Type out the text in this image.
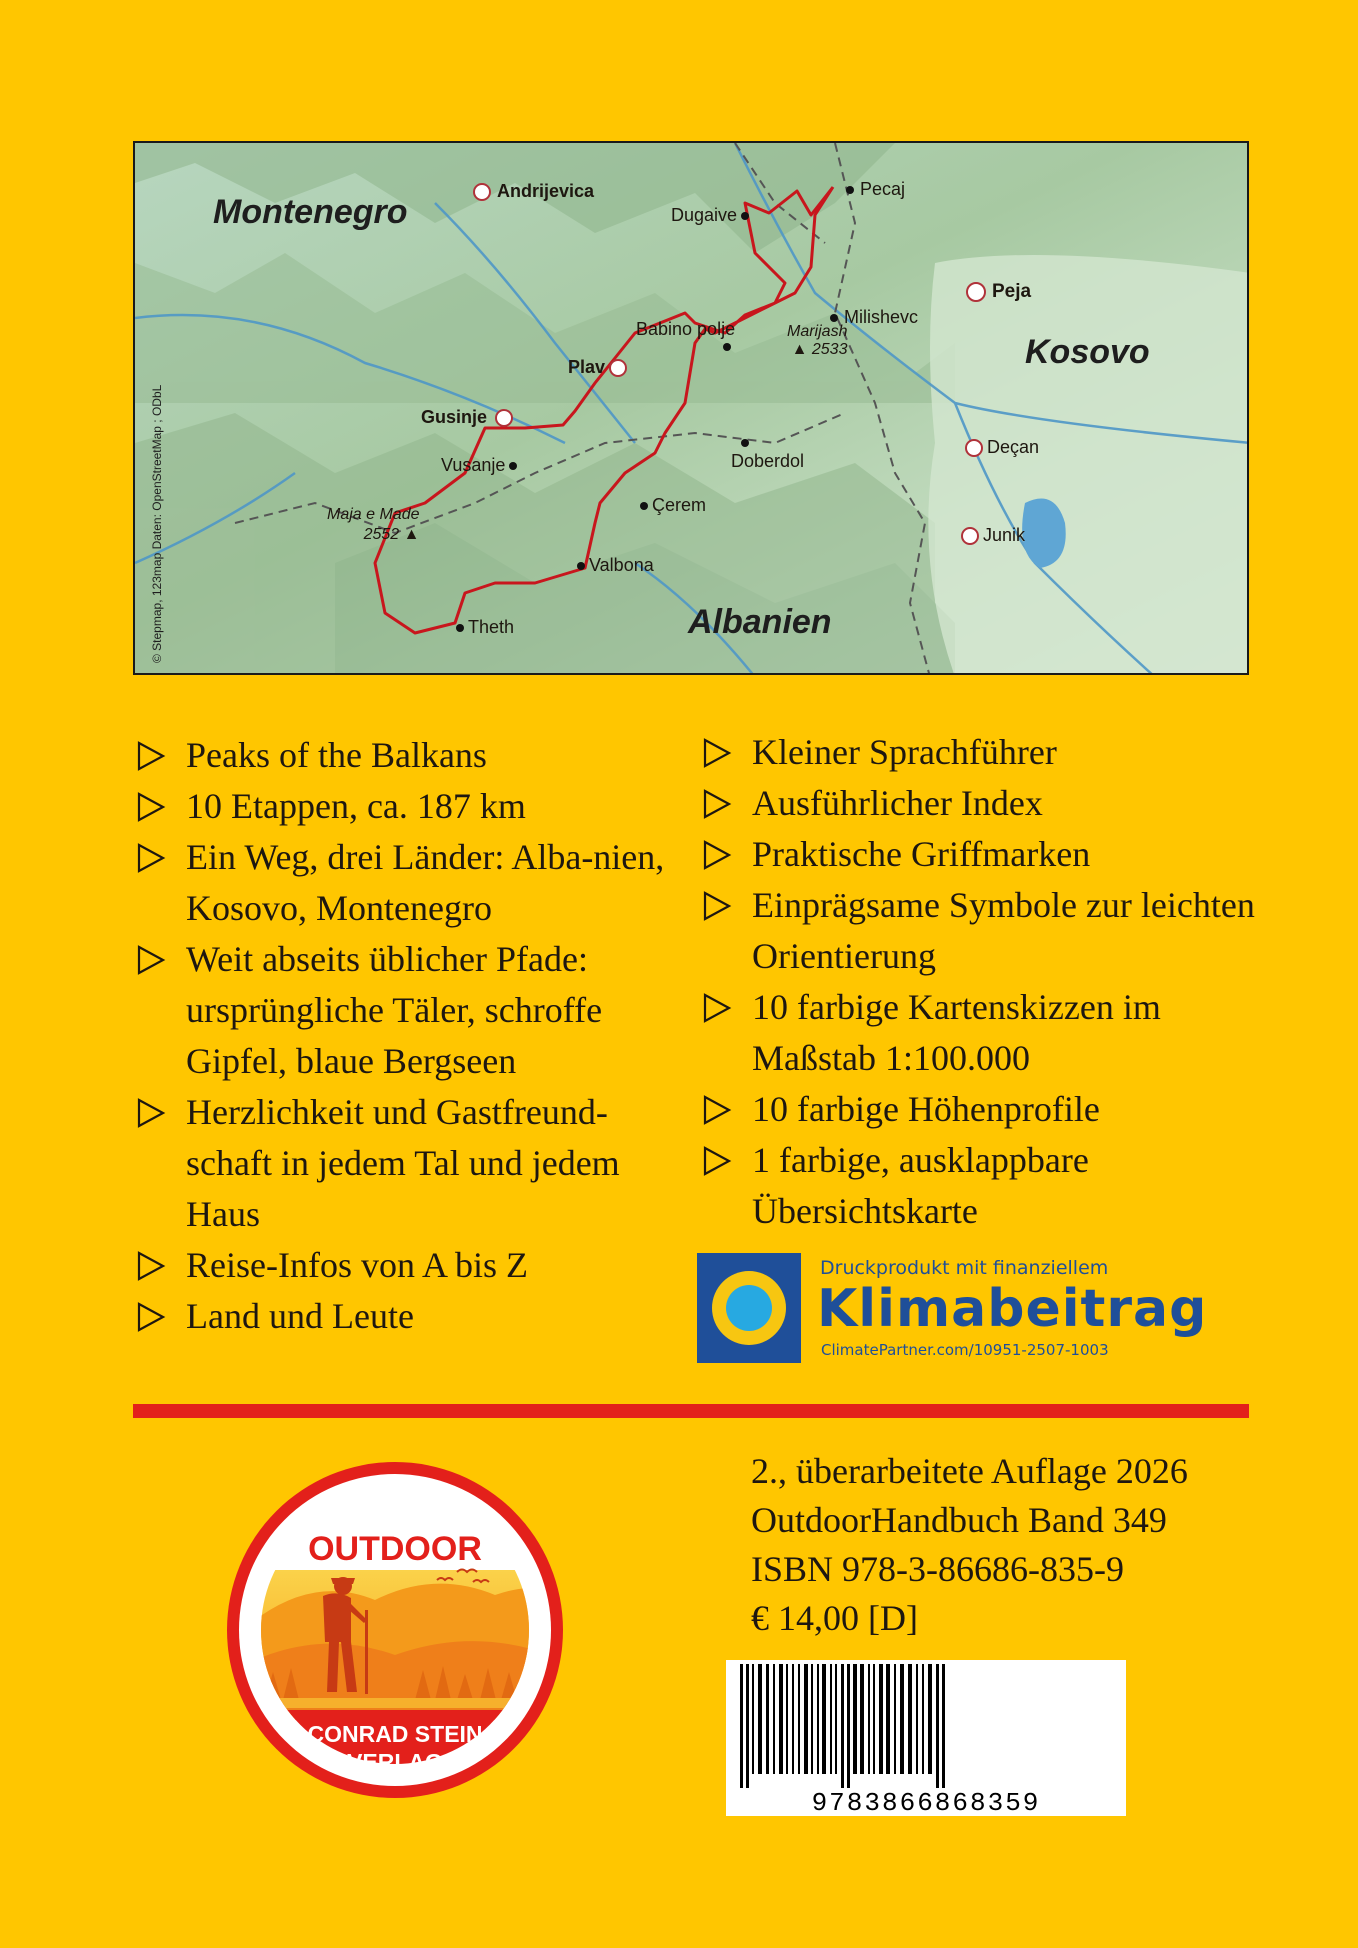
© Stepmap, 123map Daten: OpenStreetMap ; ODbL
Montenegro
Kosovo
Albanien
Andrijevica
Dugaive
Pecaj
Peja
Milishevc
Babino polje
Plav
Gusinje
Vusanje	Doberdol
Deçan
Çerem
Junik
Valbona
Theth
Marijash
▲ 2533
Maja e Made
2552 ▲
Peaks of the Balkans
10 Etappen, ca. 187 km
Ein Weg, drei Länder: Alba-nien, Kosovo, Montenegro
Weit abseits üblicher Pfade: ursprüngliche Täler, schroffe Gipfel, blaue Bergseen
Herzlichkeit und Gastfreund-schaft in jedem Tal und jedem Haus
Reise-Infos von A bis Z
Land und Leute
Kleiner Sprachführer
Ausführlicher Index
Praktische Griffmarken
Einprägsame Symbole zur leichten Orientierung
10 farbige Kartenskizzen im Maßstab 1:100.000
10 farbige Höhenprofile
1 farbige, ausklappbare Übersichtskarte
Druckprodukt mit finanziellem
Klimabeitrag
ClimatePartner.com/10951-2507-1003
OUTDOOR
CONRAD STEIN
VERLAG
2., überarbeitete Auflage 2026
OutdoorHandbuch Band 349
ISBN 978-3-86686-835-9
€ 14,00 [D]
9783866868359
